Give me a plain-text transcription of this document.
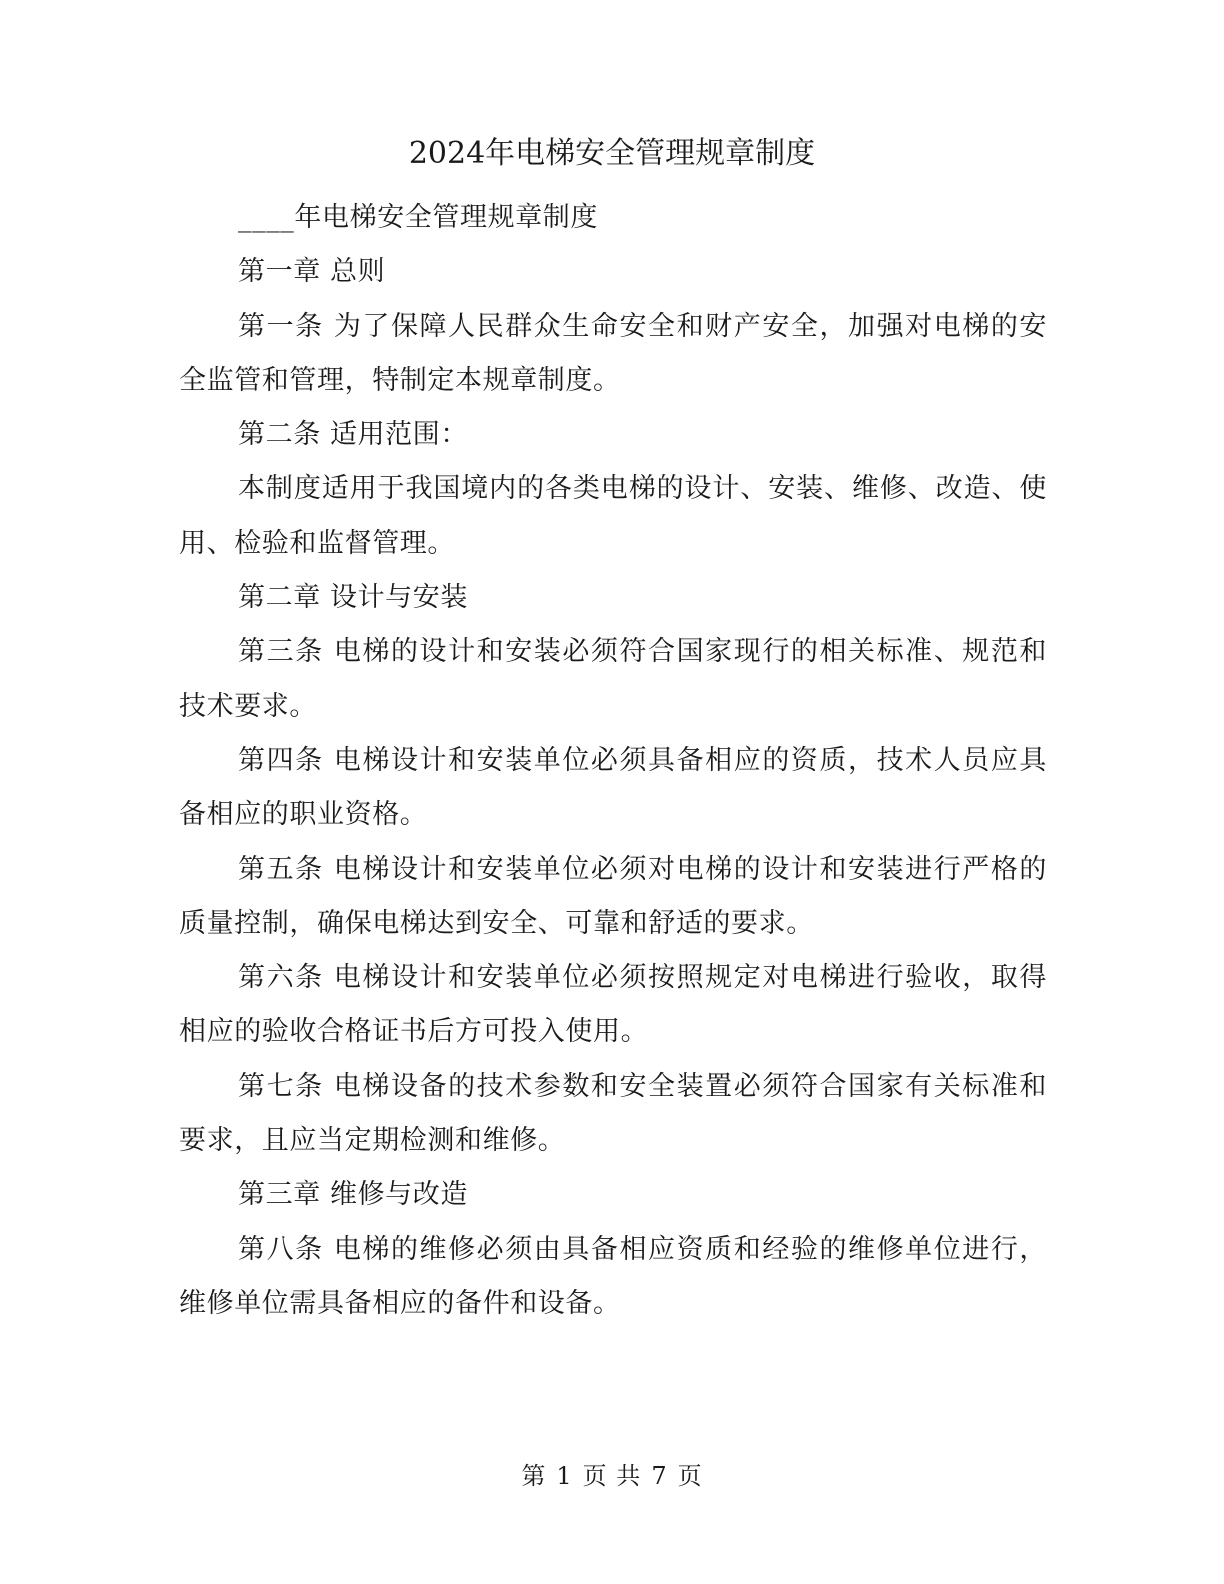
2024年电梯安全管理规章制度

____年电梯安全管理规章制度

第一章 总则

第一条 为了保障人民群众生命安全和财产安全，加强对电梯的安全监管和管理，特制定本规章制度。

第二条 适用范围：

本制度适用于我国境内的各类电梯的设计、安装、维修、改造、使用、检验和监督管理。

第二章 设计与安装

第三条 电梯的设计和安装必须符合国家现行的相关标准、规范和技术要求。

第四条 电梯设计和安装单位必须具备相应的资质，技术人员应具备相应的职业资格。

第五条 电梯设计和安装单位必须对电梯的设计和安装进行严格的质量控制，确保电梯达到安全、可靠和舒适的要求。

第六条 电梯设计和安装单位必须按照规定对电梯进行验收，取得相应的验收合格证书后方可投入使用。

第七条 电梯设备的技术参数和安全装置必须符合国家有关标准和要求，且应当定期检测和维修。

第三章 维修与改造

第八条 电梯的维修必须由具备相应资质和经验的维修单位进行，维修单位需具备相应的备件和设备。

第 1 页 共 7 页
